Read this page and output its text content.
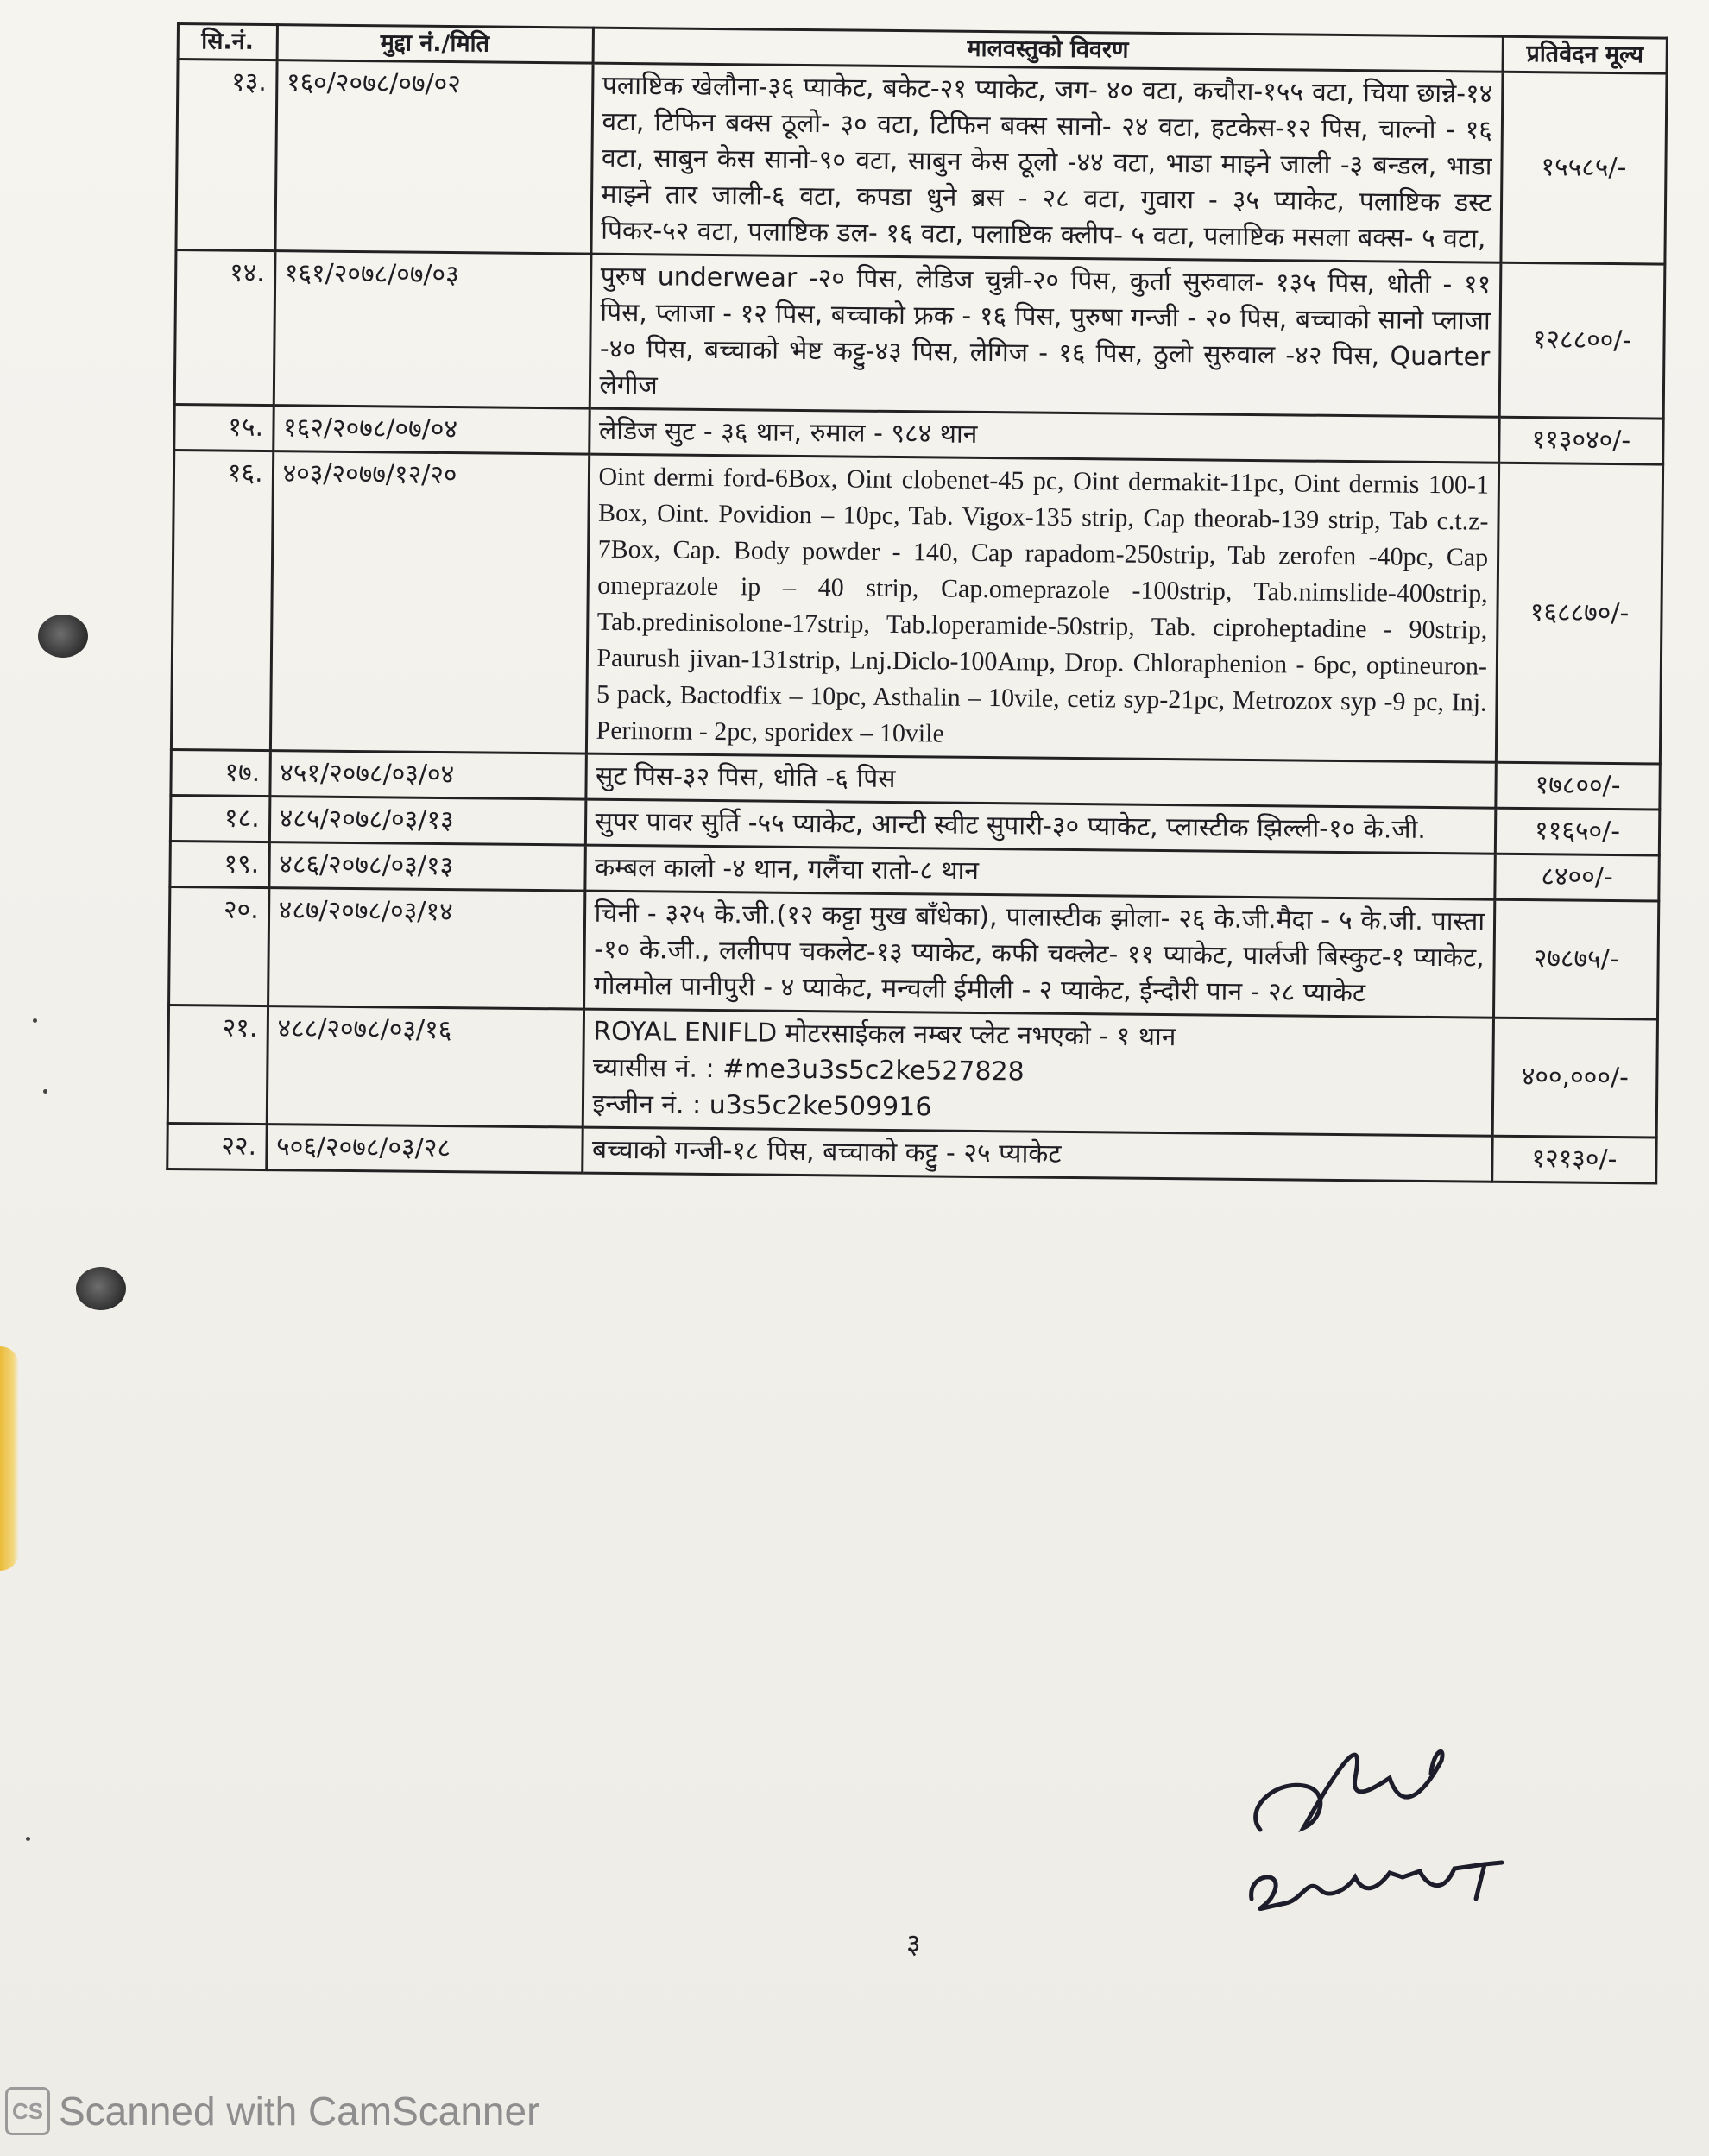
सि.नं.	मुद्दा नं./मिति	मालवस्तुको विवरण	प्रतिवेदन मूल्य
१३.	१६०/२०७८/०७/०२	पलाष्टिक खेलौना-३६ प्याकेट, बकेट-२१ प्याकेट, जग- ४० वटा, कचौरा-१५५ वटा, चिया छान्ने-१४ वटा, टिफिन बक्स ठूलो- ३० वटा, टिफिन बक्स सानो- २४ वटा, हटकेस-१२ पिस, चाल्नो - १६ वटा, साबुन केस सानो-९० वटा, साबुन केस ठूलो -४४ वटा, भाडा माझ्ने जाली -३ बन्डल, भाडा माझ्ने तार जाली-६ वटा, कपडा धुने ब्रस - २८ वटा, गुवारा - ३५ प्याकेट, पलाष्टिक डस्ट पिकर-५२ वटा, पलाष्टिक डल- १६ वटा, पलाष्टिक क्लीप- ५ वटा, पलाष्टिक मसला बक्स- ५ वटा,	१५५८५/-
१४.	१६१/२०७८/०७/०३	पुरुष underwear -२० पिस, लेडिज चुन्नी-२० पिस, कुर्ता सुरुवाल- १३५ पिस, धोती - ११ पिस, प्लाजा - १२ पिस, बच्चाको फ्रक - १६ पिस, पुरुषा गन्जी - २० पिस, बच्चाको सानो प्लाजा -४० पिस, बच्चाको भेष्ट कट्टु-४३ पिस, लेगिज - १६ पिस, ठुलो सुरुवाल -४२ पिस, Quarter लेगीज	१२८८००/-
१५.	१६२/२०७८/०७/०४	लेडिज सुट - ३६ थान, रुमाल - ९८४ थान	११३०४०/-
१६.	४०३/२०७७/१२/२०	Oint dermi ford-6Box, Oint clobenet-45 pc, Oint dermakit-11pc, Oint dermis 100-1 Box, Oint. Povidion – 10pc, Tab. Vigox-135 strip, Cap theorab-139 strip, Tab c.t.z-7Box, Cap. Body powder - 140, Cap rapadom-250strip, Tab zerofen -40pc, Cap omeprazole ip – 40 strip, Cap.omeprazole -100strip, Tab.nimslide-400strip, Tab.predinisolone-17strip, Tab.loperamide-50strip, Tab. ciproheptadine - 90strip, Paurush jivan-131strip, Lnj.Diclo-100Amp, Drop. Chloraphenion - 6pc, optineuron- 5 pack, Bactodfix – 10pc, Asthalin – 10vile, cetiz syp-21pc, Metrozox syp -9 pc, Inj. Perinorm - 2pc, sporidex – 10vile	१६८८७०/-
१७.	४५१/२०७८/०३/०४	सुट पिस-३२ पिस, धोति -६ पिस	१७८००/-
१८.	४८५/२०७८/०३/१३	सुपर पावर सुर्ति -५५ प्याकेट, आन्टी स्वीट सुपारी-३० प्याकेट, प्लास्टीक झिल्ली-१० के.जी.	११६५०/-
१९.	४८६/२०७८/०३/१३	कम्बल कालो -४ थान, गलैंचा रातो-८ थान	८४००/-
२०.	४८७/२०७८/०३/१४	चिनी - ३२५ के.जी.(१२ कट्टा मुख बाँधेका), पालास्टीक झोला- २६ के.जी.मैदा - ५ के.जी. पास्ता -१० के.जी., ललीपप चकलेट-१३ प्याकेट, कफी चक्लेट- ११ प्याकेट, पार्लजी बिस्कुट-१ प्याकेट, गोलमोल पानीपुरी - ४ प्याकेट, मन्चली ईमीली - २ प्याकेट, ईन्दौरी पान - २८ प्याकेट	२७८७५/-
२१.	४८८/२०७८/०३/१६	ROYAL ENIFLD मोटरसाईकल नम्बर प्लेट नभएको - १ थान
च्यासीस नं. : #me3u3s5c2ke527828
इन्जीन नं. : u3s5c2ke509916	४००,०००/-
२२.	५०६/२०७८/०३/२८	बच्चाको गन्जी-१८ पिस, बच्चाको कट्टु - २५ प्याकेट	१२१३०/-
३
CS Scanned with CamScanner
